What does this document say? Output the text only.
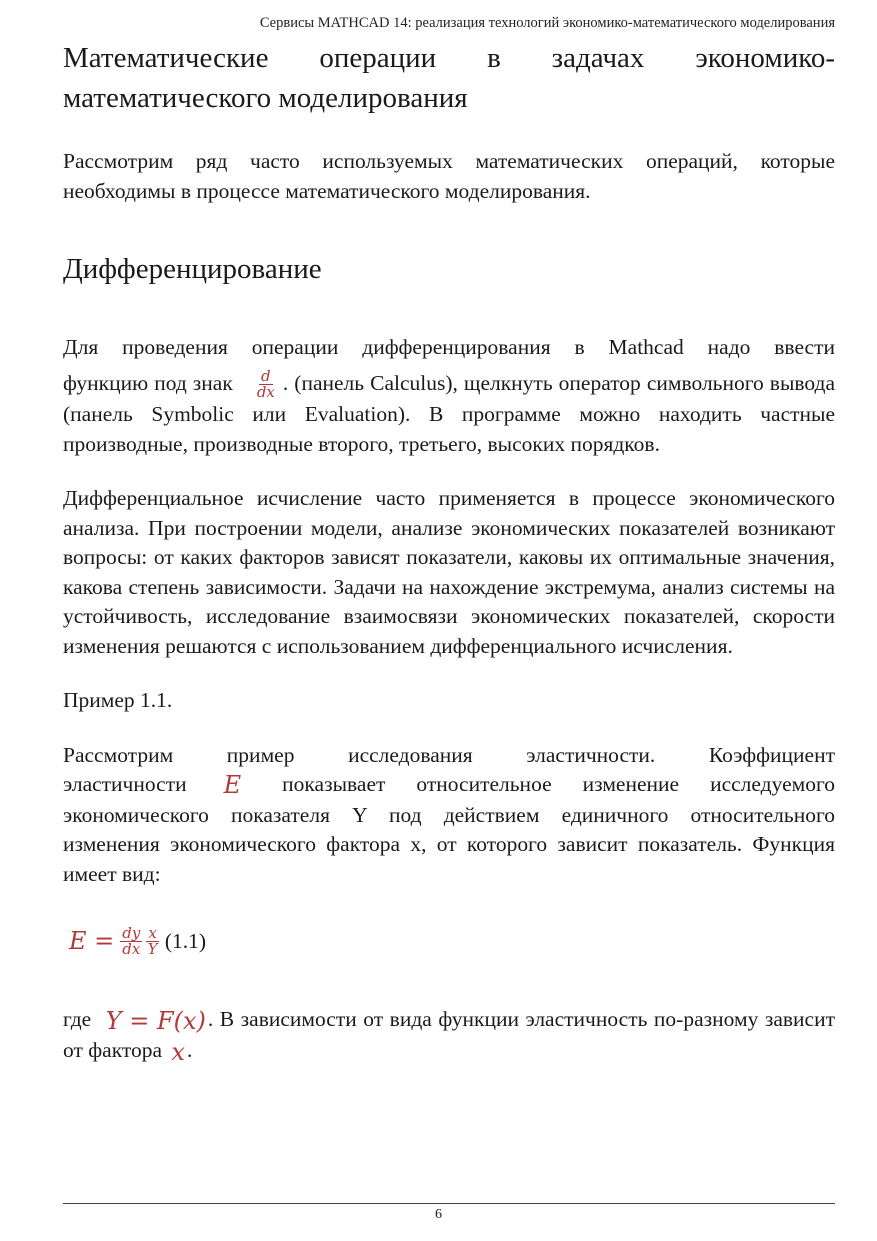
Сервисы MATHCAD 14: реализация технологий экономико-математического моделирования
Математические операции в задачах экономико-математического моделирования

Рассмотрим ряд часто используемых математических операций, которые необходимы в процессе математического моделирования.

Дифференцирование

Для проведения операции дифференцирования в Mathcad надо ввести

функцию под знак $\frac{d}{dx}$ . (панель Calculus), щелкнуть оператор символьного вывода (панель Symbolic или Evaluation). В программе можно находить частные производные, производные второго, третьего, высоких порядков.

Дифференциальное исчисление часто применяется в процессе экономического анализа. При построении модели, анализе экономических показателей возникают вопросы: от каких факторов зависят показатели, каковы их оптимальные значения, какова степень зависимости. Задачи на нахождение экстремума, анализ системы на устойчивость, исследование взаимосвязи экономических показателей, скорости изменения решаются с использованием дифференциального исчисления.

Пример 1.1.

Рассмотрим пример исследования эластичности. Коэффициент

эластичности E показывает относительное изменение исследуемого экономического показателя Y под действием единичного относительного изменения экономического фактора x, от которого зависит показатель. Функция имеет вид:

$E = \frac{dy}{dx} \frac{x}{Y} (1.1)$

где Y = F(x). В зависимости от вида функции эластичность по-разному зависит от фактора x.

6
